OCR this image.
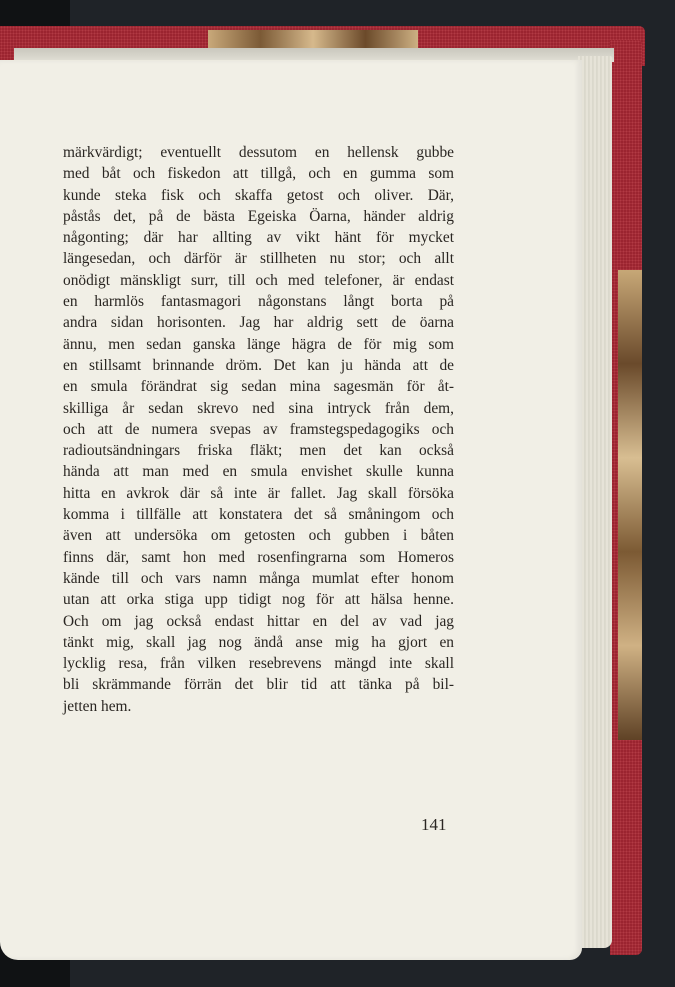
märkvärdigt; eventuellt dessutom en hellensk gubbe
med båt och fiskedon att tillgå, och en gumma som
kunde steka fisk och skaffa getost och oliver. Där,
påstås det, på de bästa Egeiska Öarna, händer aldrig
någonting; där har allting av vikt hänt för mycket
längesedan, och därför är stillheten nu stor; och allt
onödigt mänskligt surr, till och med telefoner, är endast
en harmlös fantasmagori någonstans långt borta på
andra sidan horisonten. Jag har aldrig sett de öarna
ännu, men sedan ganska länge hägra de för mig som
en stillsamt brinnande dröm. Det kan ju hända att de
en smula förändrat sig sedan mina sagesmän för åt-
skilliga år sedan skrevo ned sina intryck från dem,
och att de numera svepas av framstegspedagogiks och
radioutsändningars friska fläkt; men det kan också
hända att man med en smula envishet skulle kunna
hitta en avkrok där så inte är fallet. Jag skall försöka
komma i tillfälle att konstatera det så småningom och
även att undersöka om getosten och gubben i båten
finns där, samt hon med rosenfingrarna som Homeros
kände till och vars namn många mumlat efter honom
utan att orka stiga upp tidigt nog för att hälsa henne.
Och om jag också endast hittar en del av vad jag
tänkt mig, skall jag nog ändå anse mig ha gjort en
lycklig resa, från vilken resebrevens mängd inte skall
bli skrämmande förrän det blir tid att tänka på bil-
jetten hem.
141
